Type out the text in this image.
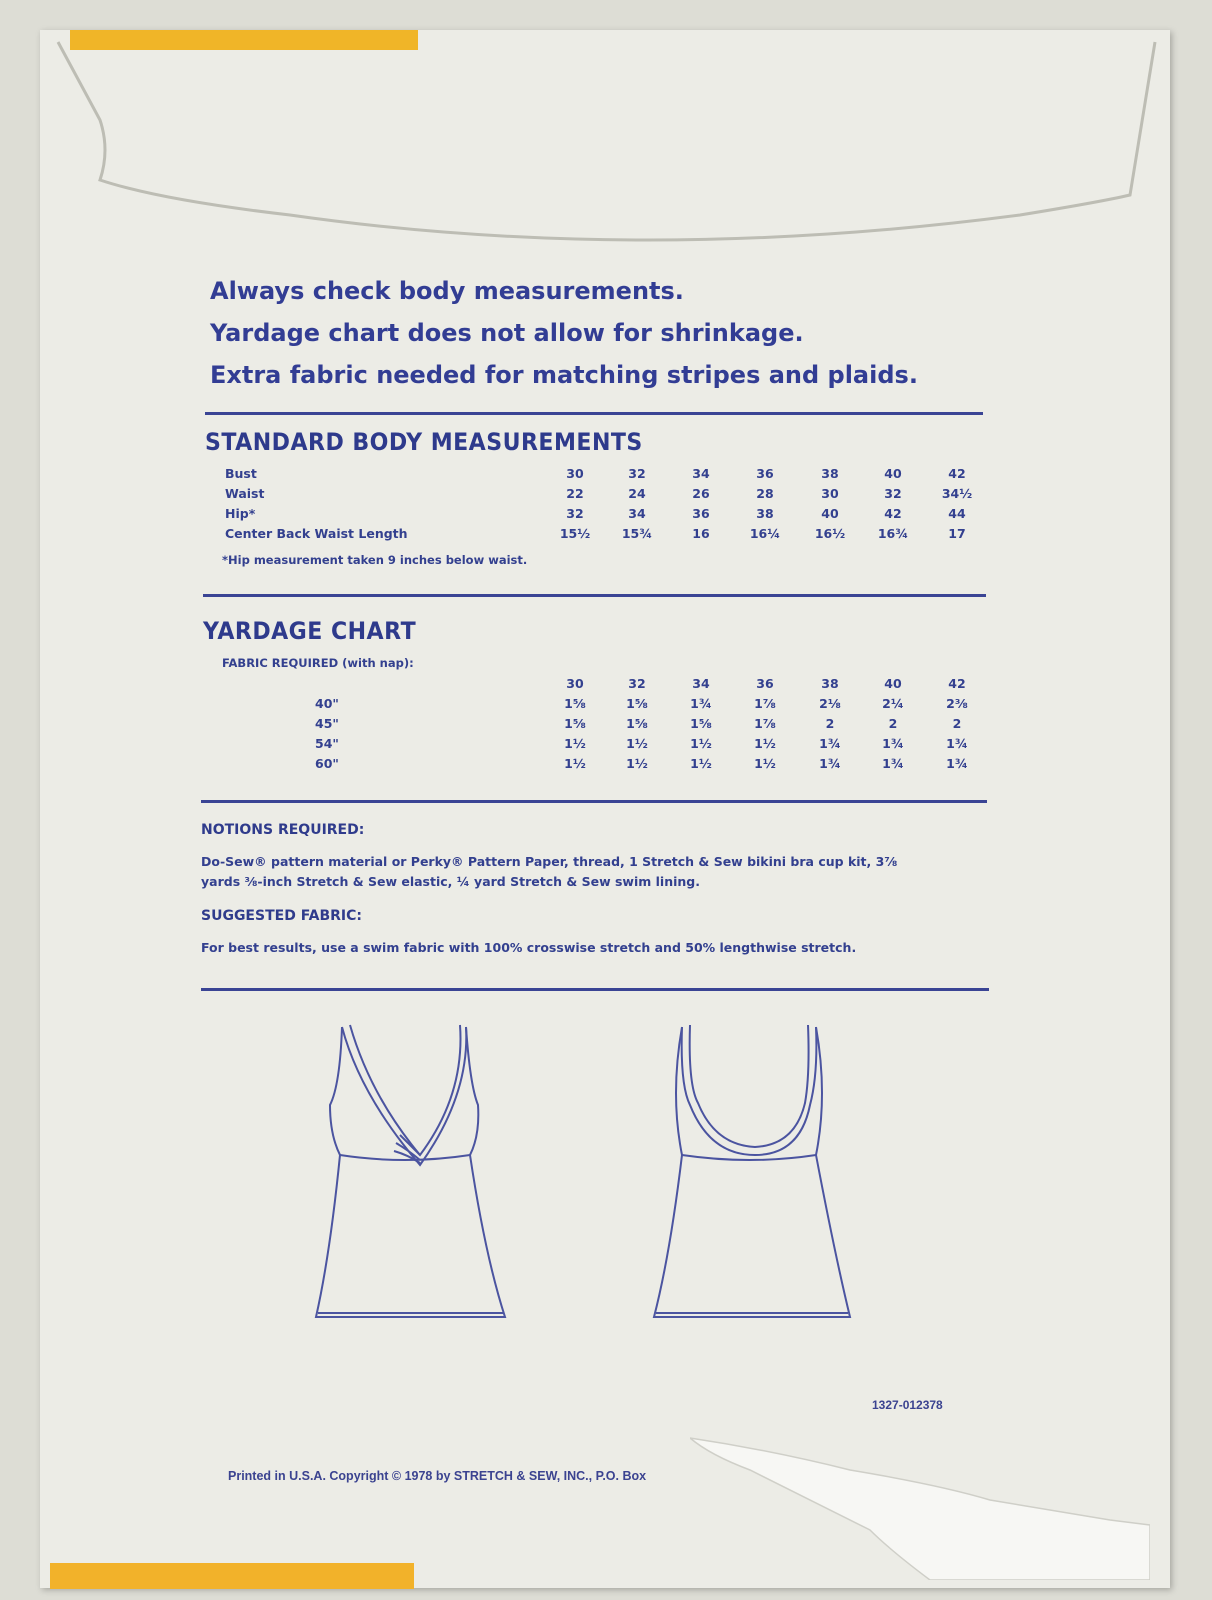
Always check body measurements.
Yardage chart does not allow for shrinkage.
Extra fabric needed for matching stripes and plaids.
STANDARD BODY MEASUREMENTS
Bust	30	32	34	36	38	40	42
Waist	22	24	26	28	30	32	34½
Hip*	32	34	36	38	40	42	44
Center Back Waist Length	15½	15¾	16	16¼	16½	16¾	17
*Hip measurement taken 9 inches below waist.
YARDAGE CHART
FABRIC REQUIRED (with nap):
30	32	34	36	38	40	42
40"	1⅝	1⅝	1¾	1⅞	2⅛	2¼	2⅜
45"	1⅝	1⅝	1⅝	1⅞	2	2	2
54"	1½	1½	1½	1½	1¾	1¾	1¾
60"	1½	1½	1½	1½	1¾	1¾	1¾
NOTIONS REQUIRED:
Do-Sew® pattern material or Perky® Pattern Paper, thread, 1 Stretch & Sew bikini bra cup kit, 3⅞
yards ⅜-inch Stretch & Sew elastic, ¼ yard Stretch & Sew swim lining.
SUGGESTED FABRIC:
For best results, use a swim fabric with 100% crosswise stretch and 50% lengthwise stretch.
1327-012378
Printed in U.S.A. Copyright © 1978 by STRETCH & SEW, INC., P.O. Box
